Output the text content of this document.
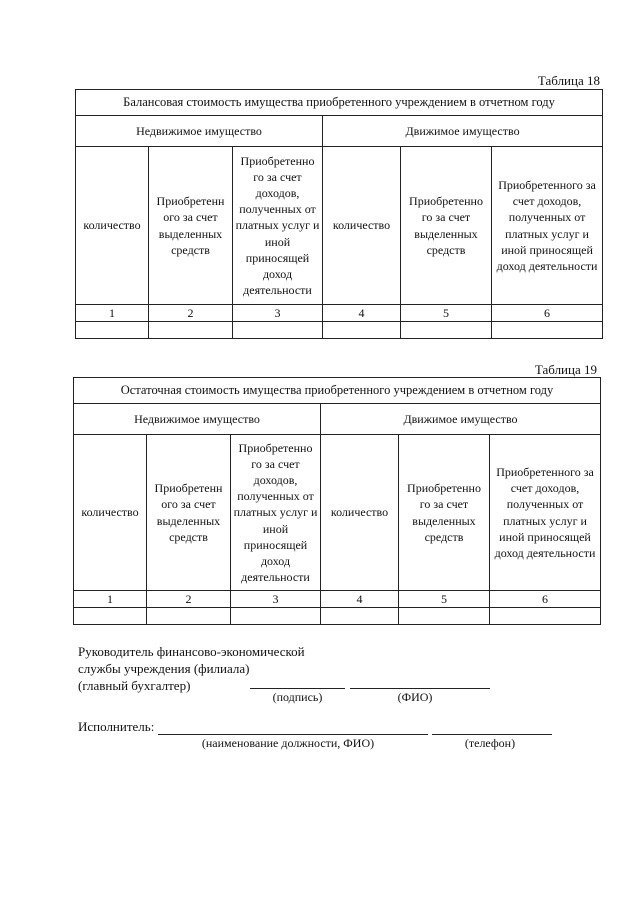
Таблица 18
Балансовая стоимость имущества приобретенного учреждением в отчетном году					
Недвижимое имущество			Движимое имущество		
количество	Приобретенн ого за счет выделенных средств	Приобретенно го за счет доходов, полученных от платных услуг и иной приносящей доход деятельности	количество	Приобретенно го за счет выделенных средств	Приобретенного за счет доходов, полученных от платных услуг и иной приносящей доход деятельности
1	2	3	4	5	6

Таблица 19
Остаточная стоимость имущества приобретенного учреждением в отчетном году					
Недвижимое имущество			Движимое имущество		
количество	Приобретенн ого за счет выделенных средств	Приобретенно го за счет доходов, полученных от платных услуг и иной приносящей доход деятельности	количество	Приобретенно го за счет выделенных средств	Приобретенного за счет доходов, полученных от платных услуг и иной приносящей доход деятельности
1	2	3	4	5	6

Руководитель финансово-экономической
службы учреждения (филиала)
(главный бухгалтер)
(подпись)	(ФИО)
Исполнитель:
(наименование должности, ФИО)	(телефон)
